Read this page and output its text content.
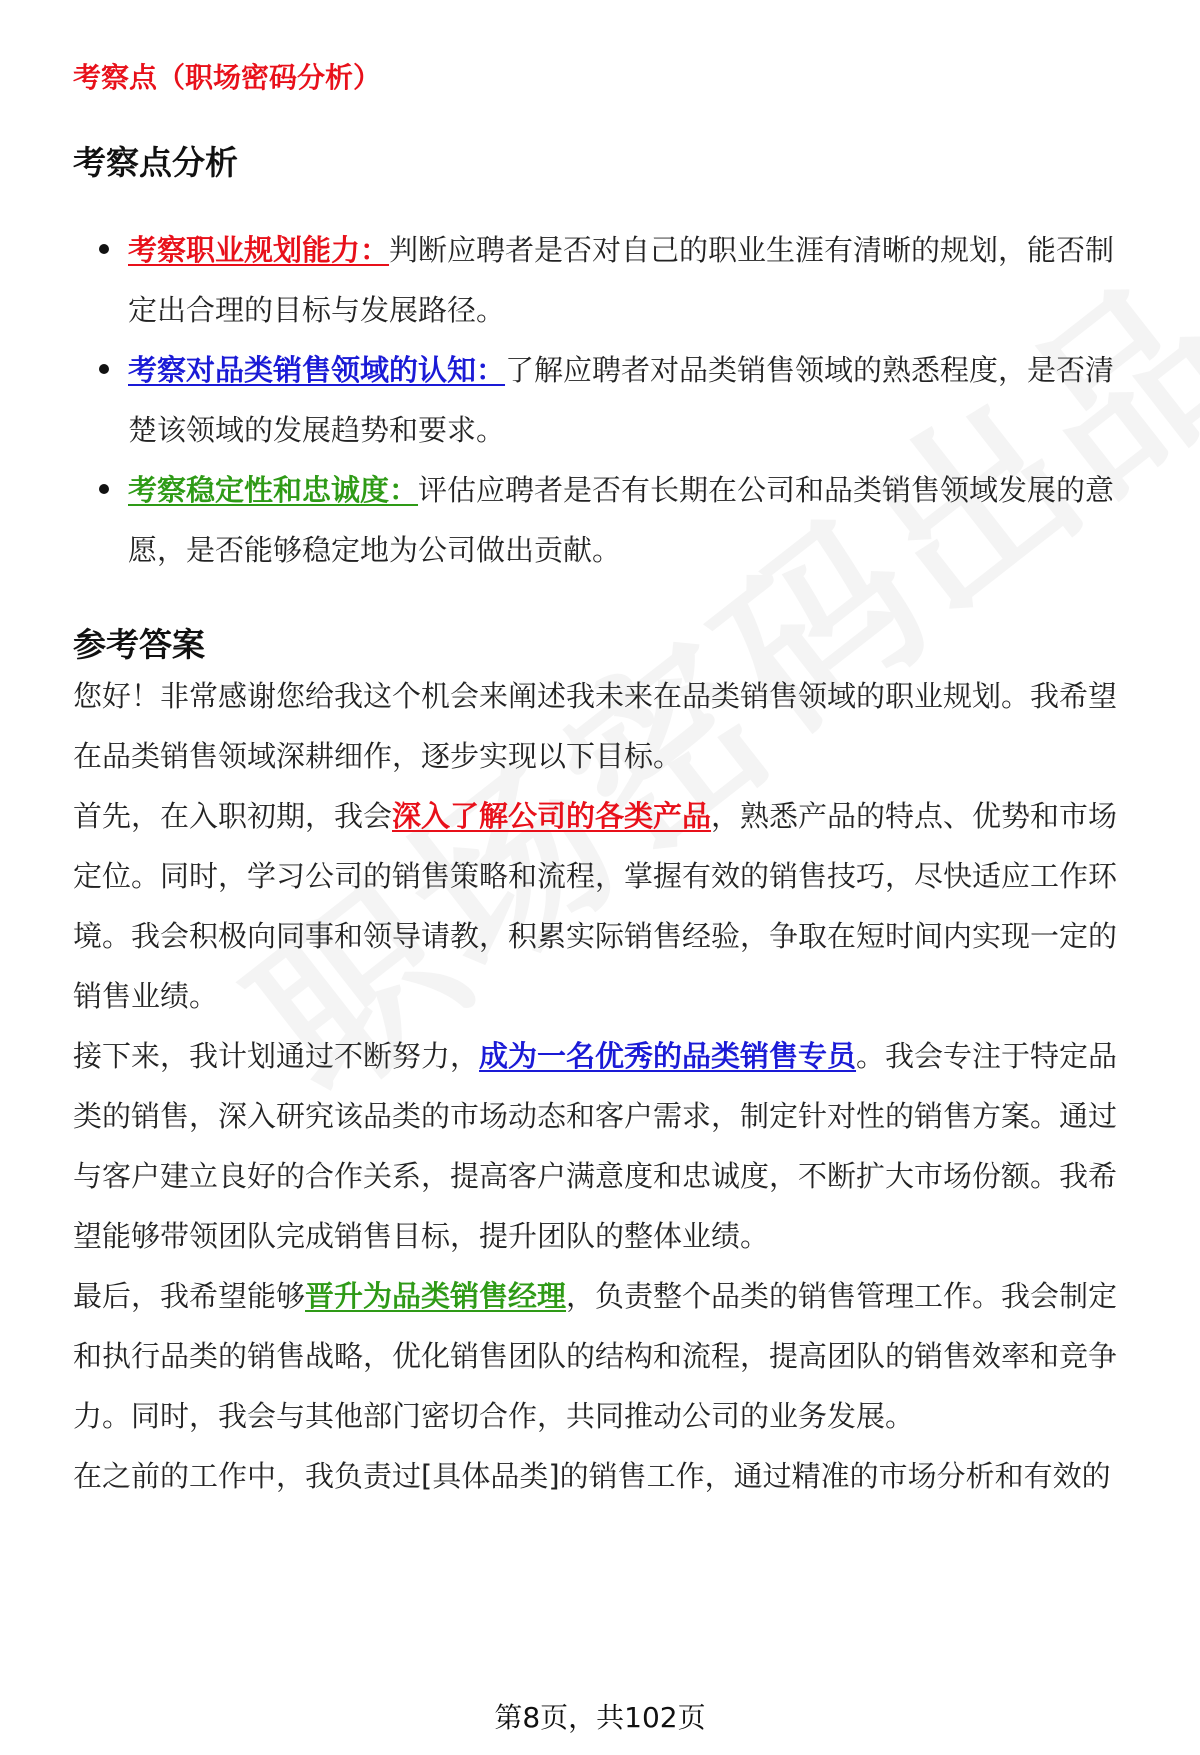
考察点（职场密码分析）
考察点分析
考察职业规划能力：判断应聘者是否对自己的职业生涯有清晰的规划，能否制定出合理的目标与发展路径。
考察对品类销售领域的认知：了解应聘者对品类销售领域的熟悉程度，是否清楚该领域的发展趋势和要求。
考察稳定性和忠诚度：评估应聘者是否有长期在公司和品类销售领域发展的意愿，是否能够稳定地为公司做出贡献。
参考答案

您好！非常感谢您给我这个机会来阐述我未来在品类销售领域的职业规划。我希望在品类销售领域深耕细作，逐步实现以下目标。

首先，在入职初期，我会深入了解公司的各类产品，熟悉产品的特点、优势和市场定位。同时，学习公司的销售策略和流程，掌握有效的销售技巧，尽快适应工作环境。我会积极向同事和领导请教，积累实际销售经验，争取在短时间内实现一定的销售业绩。

接下来，我计划通过不断努力，成为一名优秀的品类销售专员。我会专注于特定品类的销售，深入研究该品类的市场动态和客户需求，制定针对性的销售方案。通过与客户建立良好的合作关系，提高客户满意度和忠诚度，不断扩大市场份额。我希望能够带领团队完成销售目标，提升团队的整体业绩。

最后，我希望能够晋升为品类销售经理，负责整个品类的销售管理工作。我会制定和执行品类的销售战略，优化销售团队的结构和流程，提高团队的销售效率和竞争力。同时，我会与其他部门密切合作，共同推动公司的业务发展。

在之前的工作中，我负责过[具体品类]的销售工作，通过精准的市场分析和有效的

第8页，共102页
